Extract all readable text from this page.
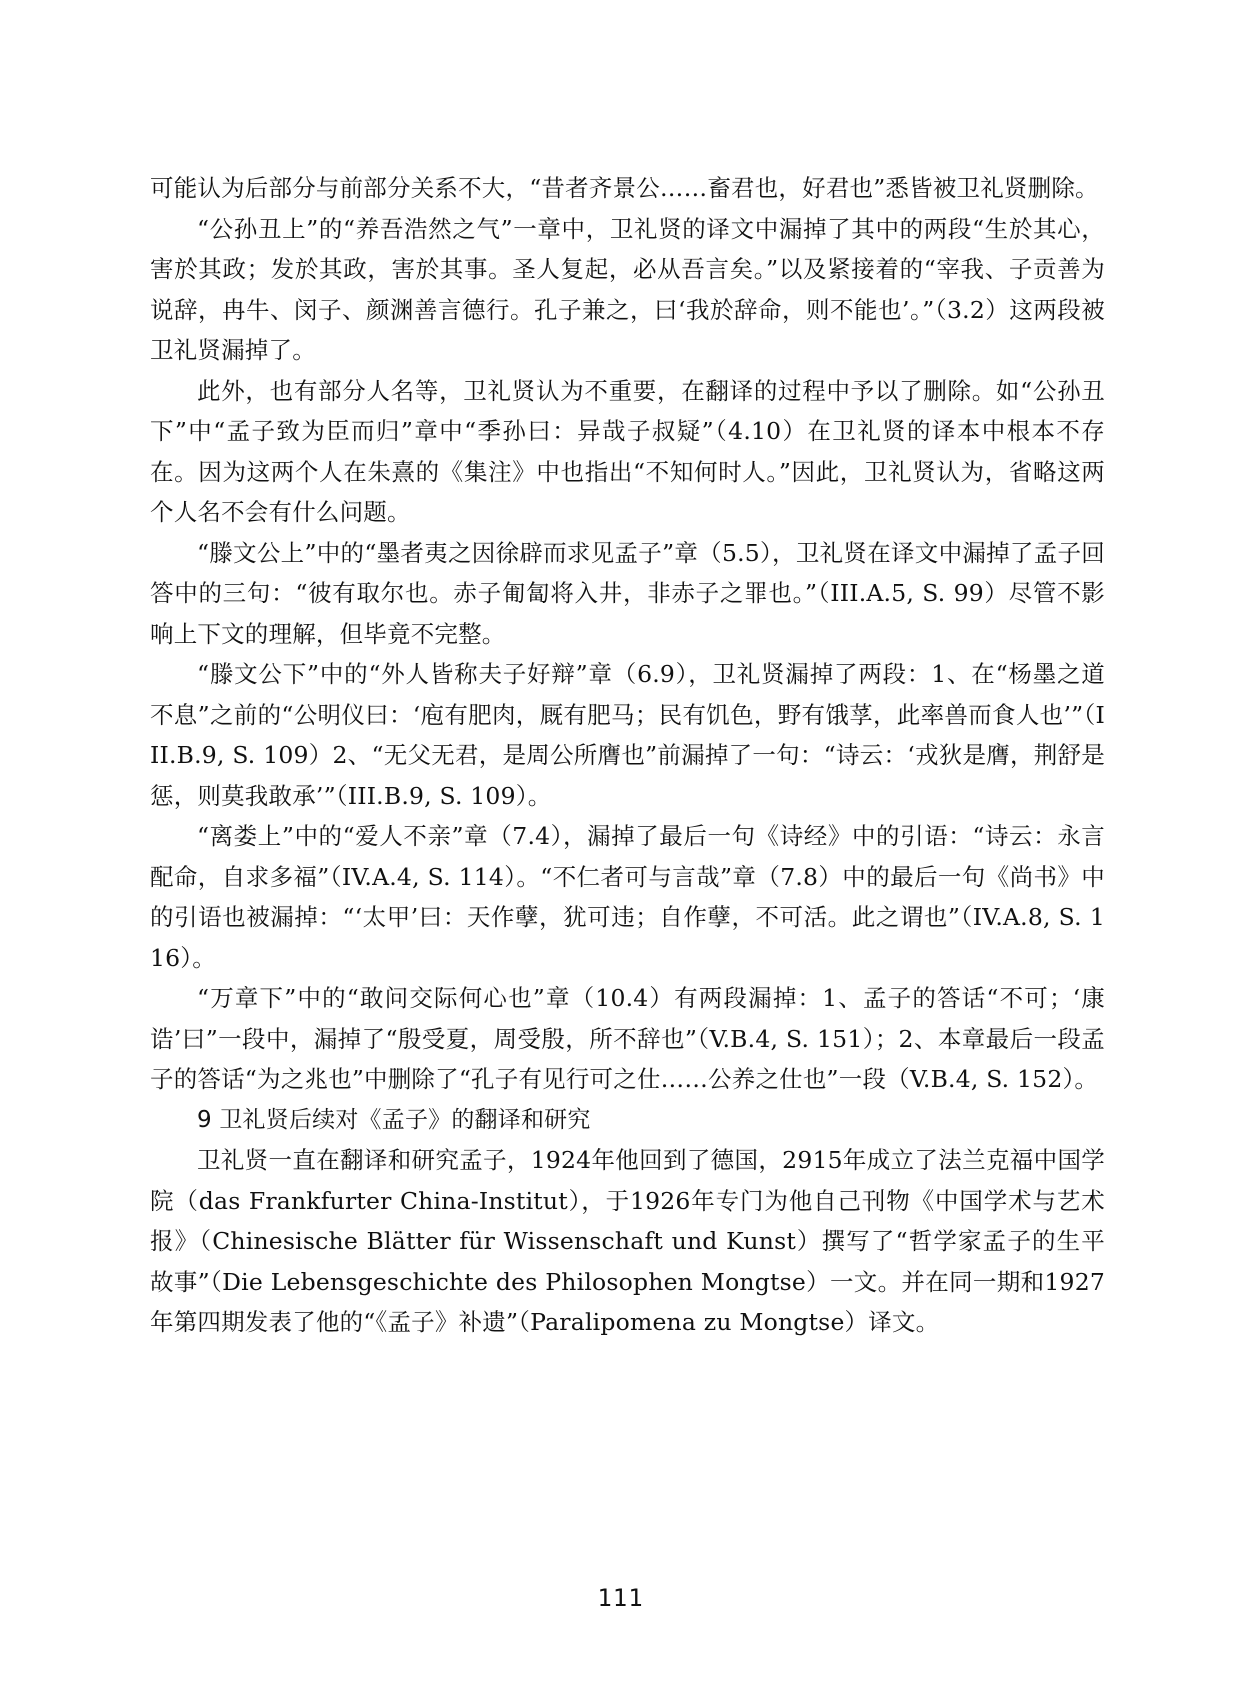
可能认为后部分与前部分关系不大，“昔者齐景公……畜君也，好君也”悉皆被卫礼贤删除。

“公孙丑上”的“养吾浩然之气”一章中，卫礼贤的译文中漏掉了其中的两段“生於其心，害於其政；发於其政，害於其事。圣人复起，必从吾言矣。”以及紧接着的“宰我、子贡善为说辞，冉牛、闵子、颜渊善言德行。孔子兼之，曰‘我於辞命，则不能也’。”（3.2）这两段被卫礼贤漏掉了。

此外，也有部分人名等，卫礼贤认为不重要，在翻译的过程中予以了删除。如“公孙丑下”中“孟子致为臣而归”章中“季孙曰：异哉子叔疑”（4.10）在卫礼贤的译本中根本不存在。因为这两个人在朱熹的《集注》中也指出“不知何时人。”因此，卫礼贤认为，省略这两个人名不会有什么问题。

“滕文公上”中的“墨者夷之因徐辟而求见孟子”章（5.5），卫礼贤在译文中漏掉了孟子回答中的三句：“彼有取尔也。赤子匍匐将入井，非赤子之罪也。”（III.A.5, S. 99）尽管不影响上下文的理解，但毕竟不完整。

“滕文公下”中的“外人皆称夫子好辩”章（6.9），卫礼贤漏掉了两段：1、在“杨墨之道不息”之前的“公明仪曰：‘庖有肥肉，厩有肥马；民有饥色，野有饿莩，此率兽而食人也’”（III.B.9, S. 109）2、“无父无君，是周公所膺也”前漏掉了一句：“诗云：‘戎狄是膺，荆舒是惩，则莫我敢承’”（III.B.9, S. 109）。

“离娄上”中的“爱人不亲”章（7.4），漏掉了最后一句《诗经》中的引语：“诗云：永言配命，自求多福”（IV.A.4, S. 114）。“不仁者可与言哉”章（7.8）中的最后一句《尚书》中的引语也被漏掉：“‘太甲’曰：天作孽，犹可违；自作孽，不可活。此之谓也”（IV.A.8, S. 116）。

“万章下”中的“敢问交际何心也”章（10.4）有两段漏掉：1、孟子的答话“不可；‘康诰’曰”一段中，漏掉了“殷受夏，周受殷，所不辞也”（V.B.4, S. 151）；2、本章最后一段孟子的答话“为之兆也”中删除了“孔子有见行可之仕……公养之仕也”一段（V.B.4, S. 152）。

9 卫礼贤后续对《孟子》的翻译和研究

卫礼贤一直在翻译和研究孟子，1924年他回到了德国，2915年成立了法兰克福中国学院（das Frankfurter China-Institut），于1926年专门为他自己刊物《中国学术与艺术报》（Chinesische Blätter für Wissenschaft und Kunst）撰写了“哲学家孟子的生平故事”（Die Lebensgeschichte des Philosophen Mongtse）一文。并在同一期和1927年第四期发表了他的“《孟子》补遗”（Paralipomena zu Mongtse）译文。

111
